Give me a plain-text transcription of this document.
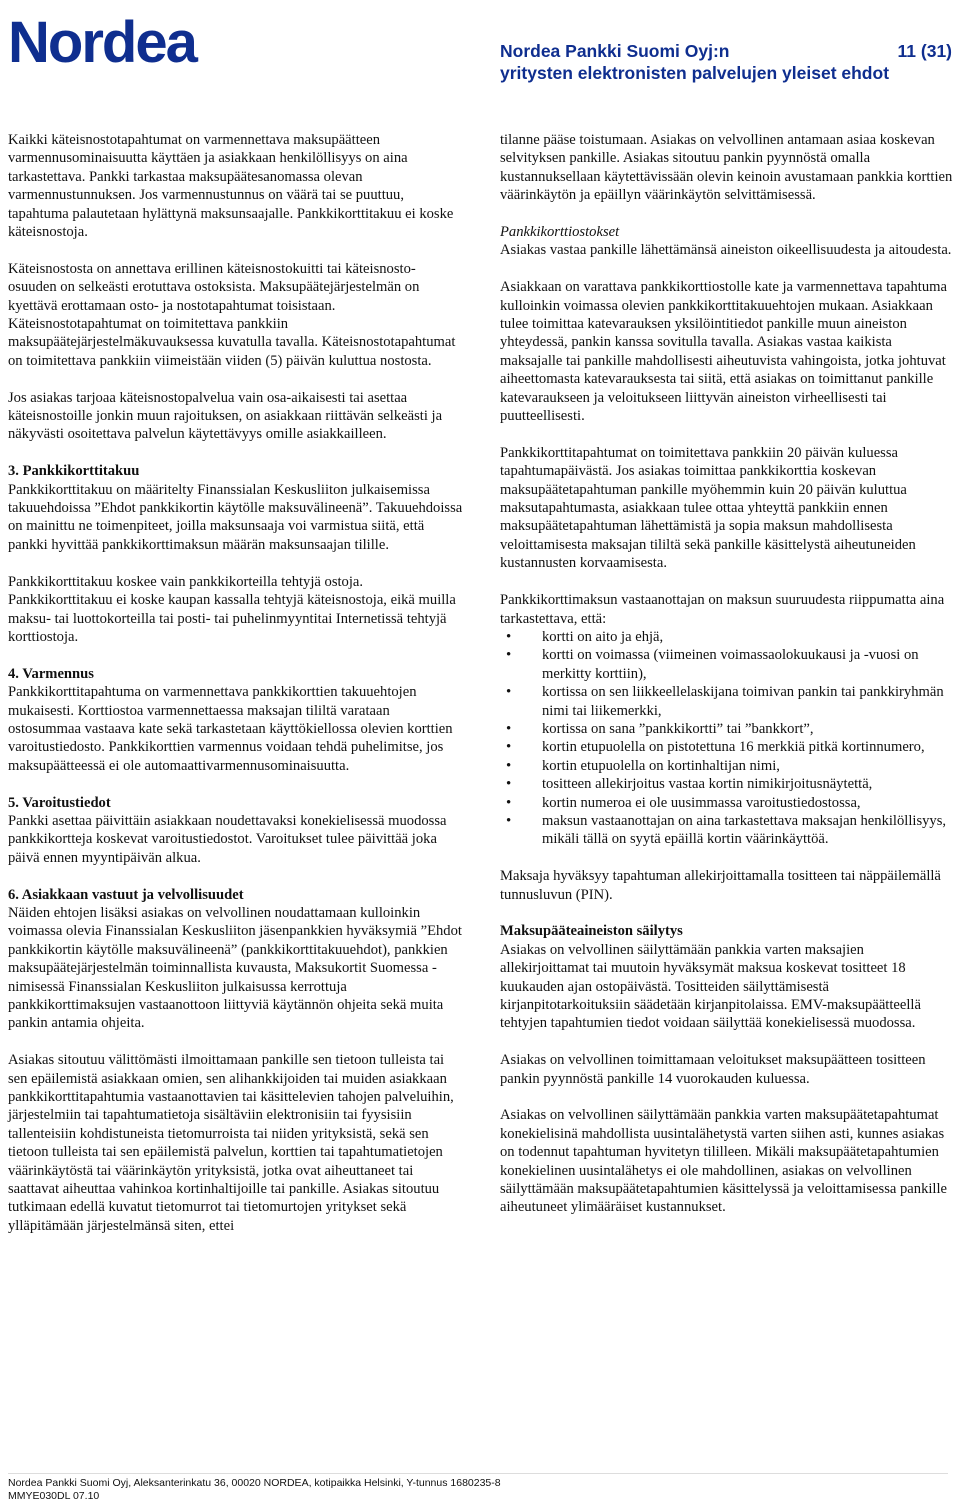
Nordea	Nordea Pankki Suomi Oyj:n	11 (31)
yritysten elektronisten palvelujen yleiset ehdot

Kaikki käteisnostotapahtumat on varmennettava maksupäätteen varmennusominaisuutta käyttäen ja asiakkaan henkilöllisyys on aina tarkastettava. Pankki tarkastaa maksupäätesanomassa olevan varmennustunnuksen. Jos varmennustunnus on väärä tai se puuttuu, tapahtuma palautetaan hylättynä maksunsaajalle. Pankkikorttitakuu ei koske käteisnostoja.

Käteisnostosta on annettava erillinen käteisnostokuitti tai käteisnosto-osuuden on selkeästi erotuttava ostoksista. Maksupäätejärjestelmän on kyettävä erottamaan osto- ja nostotapahtumat toisistaan. Käteisnostotapahtumat on toimitettava pankkiin maksupäätejärjestelmäkuvauksessa kuvatulla tavalla. Käteisnostotapahtumat on toimitettava pankkiin viimeistään viiden (5) päivän kuluttua nostosta.

Jos asiakas tarjoaa käteisnostopalvelua vain osa-aikaisesti tai asettaa käteisnostoille jonkin muun rajoituksen, on asiakkaan riittävän selkeästi ja näkyvästi osoitettava palvelun käytettävyys omille asiakkailleen.

3. Pankkikorttitakuu
Pankkikorttitakuu on määritelty Finanssialan Keskusliiton julkaisemissa takuuehdoissa ”Ehdot pankkikortin käytölle maksuvälineenä”. Takuuehdoissa on mainittu ne toimenpiteet, joilla maksunsaaja voi varmistua siitä, että pankki hyvittää pankkikorttimaksun määrän maksunsaajan tilille.

Pankkikorttitakuu koskee vain pankkikorteilla tehtyjä ostoja. Pankkikorttitakuu ei koske kaupan kassalla tehtyjä käteisnostoja, eikä muilla maksu- tai luottokorteilla tai posti- tai puhelinmyyntitai Internetissä tehtyjä korttiostoja.

4. Varmennus
Pankkikorttitapahtuma on varmennettava pankkikorttien takuuehtojen mukaisesti. Korttiostoa varmennettaessa maksajan tililtä varataan ostosummaa vastaava kate sekä tarkastetaan käyttökiellossa olevien korttien varoitustiedosto. Pankkikorttien varmennus voidaan tehdä puhelimitse, jos maksupäätteessä ei ole automaattivarmennusominaisuutta.

5. Varoitustiedot
Pankki asettaa päivittäin asiakkaan noudettavaksi konekielisessä muodossa pankkikortteja koskevat varoitustiedostot. Varoitukset tulee päivittää joka päivä ennen myyntipäivän alkua.

6. Asiakkaan vastuut ja velvollisuudet
Näiden ehtojen lisäksi asiakas on velvollinen noudattamaan kulloinkin voimassa olevia Finanssialan Keskusliiton jäsenpankkien hyväksymiä ”Ehdot pankkikortin käytölle maksuvälineenä” (pankkikorttitakuuehdot), pankkien maksupäätejärjestelmän toiminnallista kuvausta, Maksukortit Suomessa -nimisessä Finanssialan Keskusliiton julkaisussa kerrottuja pankkikorttimaksujen vastaanottoon liittyviä käytännön ohjeita sekä muita pankin antamia ohjeita.

Asiakas sitoutuu välittömästi ilmoittamaan pankille sen tietoon tulleista tai sen epäilemistä asiakkaan omien, sen alihankkijoiden tai muiden asiakkaan pankkikorttitapahtumia vastaanottavien tai käsittelevien tahojen palveluihin, järjestelmiin tai tapahtumatietoja sisältäviin elektronisiin tai fyysisiin tallenteisiin kohdistuneista tietomurroista tai niiden yrityksistä, sekä sen tietoon tulleista tai sen epäilemistä palvelun, korttien tai tapahtumatietojen väärinkäytöstä tai väärinkäytön yrityksistä, jotka ovat aiheuttaneet tai saattavat aiheuttaa vahinkoa kortinhaltijoille tai pankille. Asiakas sitoutuu tutkimaan edellä kuvatut tietomurrot tai tietomurtojen yritykset sekä ylläpitämään järjestelmänsä siten, ettei

tilanne pääse toistumaan. Asiakas on velvollinen antamaan asiaa koskevan selvityksen pankille. Asiakas sitoutuu pankin pyynnöstä omalla kustannuksellaan käytettävissään olevin keinoin avustamaan pankkia korttien väärinkäytön ja epäillyn väärinkäytön selvittämisessä.

Pankkikorttiostokset
Asiakas vastaa pankille lähettämänsä aineiston oikeellisuudesta ja aitoudesta.

Asiakkaan on varattava pankkikorttiostolle kate ja varmennettava tapahtuma kulloinkin voimassa olevien pankkikorttitakuuehtojen mukaan. Asiakkaan tulee toimittaa katevarauksen yksilöintitiedot pankille muun aineiston yhteydessä, pankin kanssa sovitulla tavalla. Asiakas vastaa kaikista maksajalle tai pankille mahdollisesti aiheutuvista vahingoista, jotka johtuvat aiheettomasta katevarauksesta tai siitä, että asiakas on toimittanut pankille katevaraukseen ja veloitukseen liittyvän aineiston virheellisesti tai puutteellisesti.

Pankkikorttitapahtumat on toimitettava pankkiin 20 päivän kuluessa tapahtumapäivästä. Jos asiakas toimittaa pankkikorttia koskevan maksupäätetapahtuman pankille myöhemmin kuin 20 päivän kuluttua maksutapahtumasta, asiakkaan tulee ottaa yhteyttä pankkiin ennen maksupäätetapahtuman lähettämistä ja sopia maksun mahdollisesta veloittamisesta maksajan tililtä sekä pankille käsittelystä aiheutuneiden kustannusten korvaamisesta.

Pankkikorttimaksun vastaanottajan on maksun suuruudesta riippumatta aina tarkastettava, että:

• kortti on aito ja ehjä,
• kortti on voimassa (viimeinen voimassaolokuukausi ja -vuosi on merkitty korttiin),
• kortissa on sen liikkeellelaskijana toimivan pankin tai pankkiryhmän nimi tai liikemerkki,
• kortissa on sana ”pankkikortti” tai ”bankkort”,
• kortin etupuolella on pistotettuna 16 merkkiä pitkä kortinnumero,
• kortin etupuolella on kortinhaltijan nimi,
• tositteen allekirjoitus vastaa kortin nimikirjoitusnäytettä,
• kortin numeroa ei ole uusimmassa varoitustiedostossa,
• maksun vastaanottajan on aina tarkastettava maksajan henkilöllisyys, mikäli tällä on syytä epäillä kortin väärinkäyttöä.

Maksaja hyväksyy tapahtuman allekirjoittamalla tositteen tai näppäilemällä tunnusluvun (PIN).

Maksupääteaineiston säilytys
Asiakas on velvollinen säilyttämään pankkia varten maksajien allekirjoittamat tai muutoin hyväksymät maksua koskevat tositteet 18 kuukauden ajan ostopäivästä. Tositteiden säilyttämisestä kirjanpitotarkoituksiin säädetään kirjanpitolaissa. EMV-maksupäätteellä tehtyjen tapahtumien tiedot voidaan säilyttää konekielisessä muodossa.

Asiakas on velvollinen toimittamaan veloitukset maksupäätteen tositteen pankin pyynnöstä pankille 14 vuorokauden kuluessa.

Asiakas on velvollinen säilyttämään pankkia varten maksupäätetapahtumat konekielisinä mahdollista uusintalähetystä varten siihen asti, kunnes asiakas on todennut tapahtuman hyvitetyn tililleen. Mikäli maksupäätetapahtumien konekielinen uusintalähetys ei ole mahdollinen, asiakas on velvollinen säilyttämään maksupäätetapahtumien käsittelyssä ja veloittamisessa pankille aiheutuneet ylimääräiset kustannukset.

Nordea Pankki Suomi Oyj, Aleksanterinkatu 36, 00020 NORDEA, kotipaikka Helsinki, Y-tunnus 1680235-8
MMYE030DL 07.10
